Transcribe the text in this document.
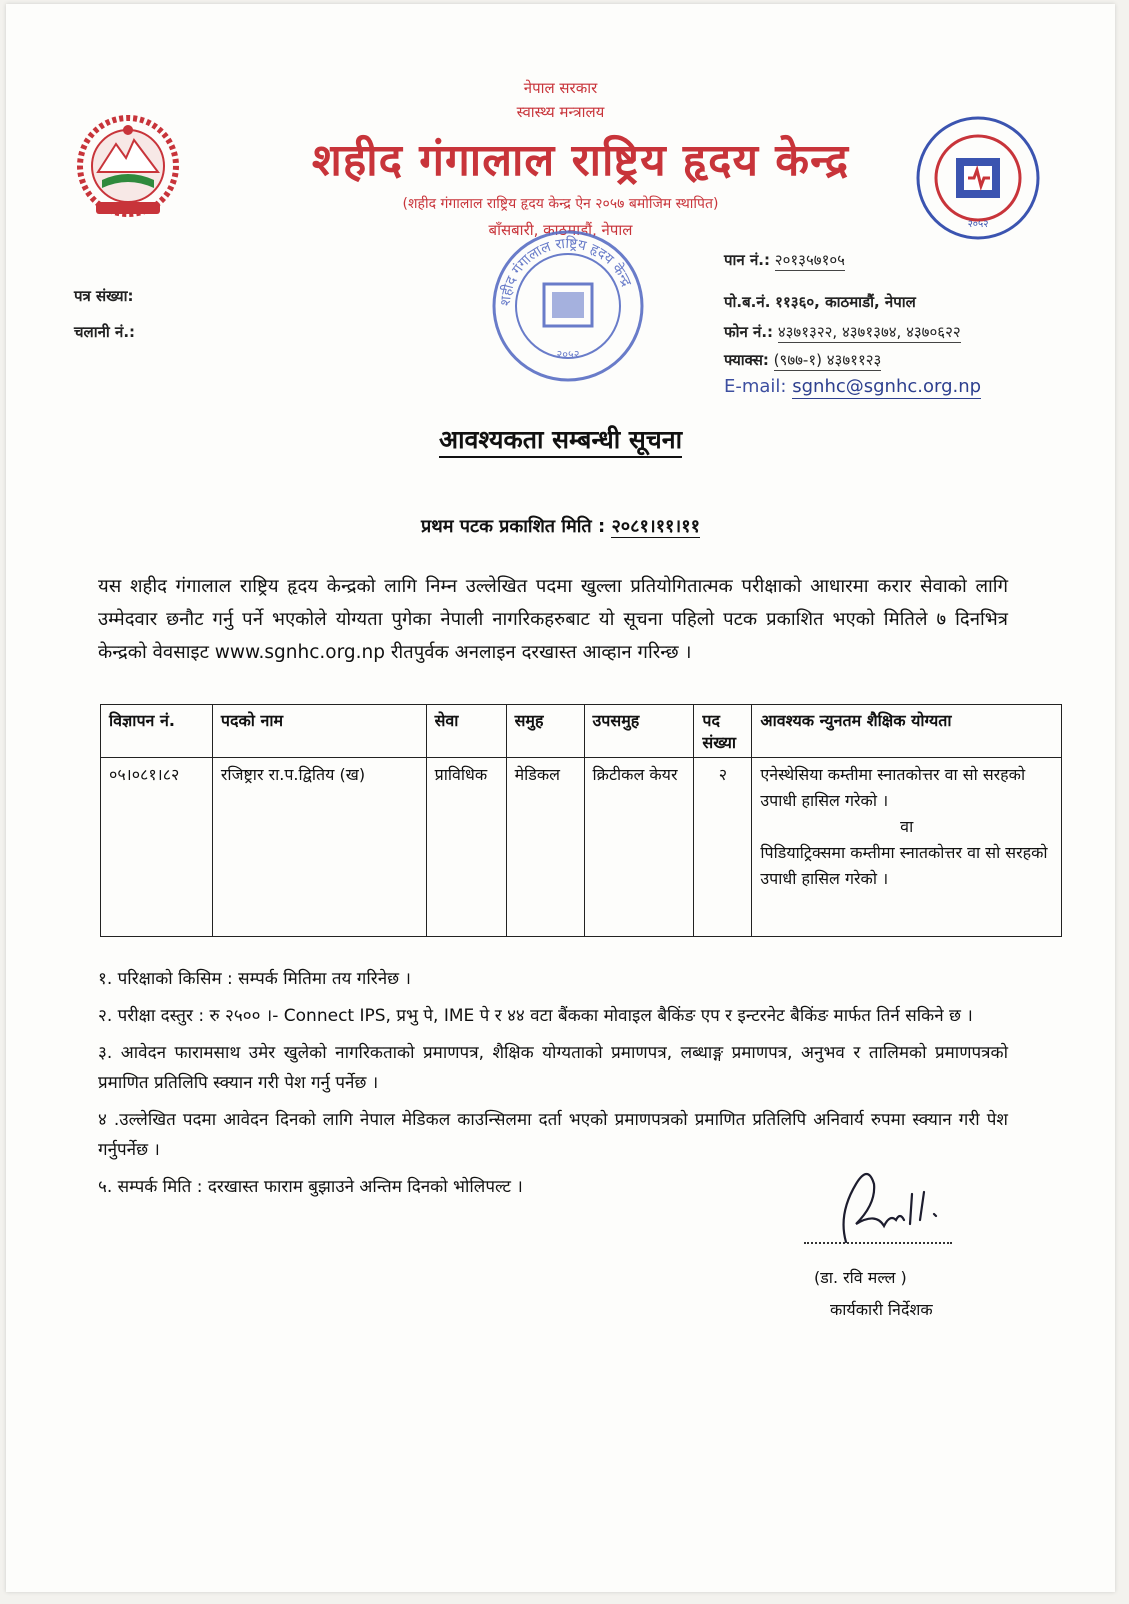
नेपाल सरकार
स्वास्थ्य मन्त्रालय
शहीद गंगालाल राष्ट्रिय हृदय केन्द्र
(शहीद गंगालाल राष्ट्रिय हृदय केन्द्र ऐन २०५७ बमोजिम स्थापित)
बाँसबारी, काठमाडौं, नेपाल	२०५२
शहीद गंगालाल राष्ट्रिय हृदय केन्द्र
२०५२
पत्र संख्या:
चलानी नं.:
पान नं.: २०१३५७१०५
पो.ब.नं. ११३६०, काठमाडौं, नेपाल
फोन नं.: ४३७१३२२, ४३७१३७४, ४३७०६२२
फ्याक्स: (९७७-१) ४३७११२३
E-mail: sgnhc@sgnhc.org.np
आवश्यकता सम्बन्धी सूचना
प्रथम पटक प्रकाशित मिति : २०८१।११।११
यस शहीद गंगालाल राष्ट्रिय हृदय केन्द्रको लागि निम्न उल्लेखित पदमा खुल्ला प्रतियोगितात्मक परीक्षाको आधारमा करार सेवाको लागि उम्मेदवार छनौट गर्नु पर्ने भएकोले योग्यता पुगेका नेपाली नागरिकहरुबाट यो सूचना पहिलो पटक प्रकाशित भएको मितिले ७ दिनभित्र केन्द्रको वेवसाइट www.sgnhc.org.np रीतपुर्वक अनलाइन दरखास्त आव्हान गरिन्छ ।
विज्ञापन नं.	पदको नाम	सेवा	समुह	उपसमुह	पद संख्या	आवश्यक न्युनतम शैक्षिक योग्यता
०५।०८१।८२	रजिष्ट्रार रा.प.द्वितिय (ख)	प्राविधिक	मेडिकल	क्रिटीकल केयर	२	एनेस्थेसिया कम्तीमा स्नातकोत्तर वा सो सरहको उपाधी हासिल गरेको ।
वा
पिडियाट्रिक्समा कम्तीमा स्नातकोत्तर वा सो सरहको उपाधी हासिल गरेको ।

१. परिक्षाको किसिम : सम्पर्क मितिमा तय गरिनेछ ।

२. परीक्षा दस्तुर : रु २५०० ।- Connect IPS, प्रभु पे, IME पे र ४४ वटा बैंकका मोवाइल बैकिंङ एप र इन्टरनेट बैकिंङ मार्फत तिर्न सकिने छ ।

३. आवेदन फारामसाथ उमेर खुलेको नागरिकताको प्रमाणपत्र, शैक्षिक योग्यताको प्रमाणपत्र, लब्धाङ्ग प्रमाणपत्र, अनुभव र तालिमको प्रमाणपत्रको प्रमाणित प्रतिलिपि स्क्यान गरी पेश गर्नु पर्नेछ ।

४ .उल्लेखित पदमा आवेदन दिनको लागि नेपाल मेडिकल काउन्सिलमा दर्ता भएको प्रमाणपत्रको प्रमाणित प्रतिलिपि अनिवार्य रुपमा स्क्यान गरी पेश गर्नुपर्नेछ ।

५. सम्पर्क मिति : दरखास्त फाराम बुझाउने अन्तिम दिनको भोलिपल्ट ।

(डा. रवि मल्ल )
कार्यकारी निर्देशक
